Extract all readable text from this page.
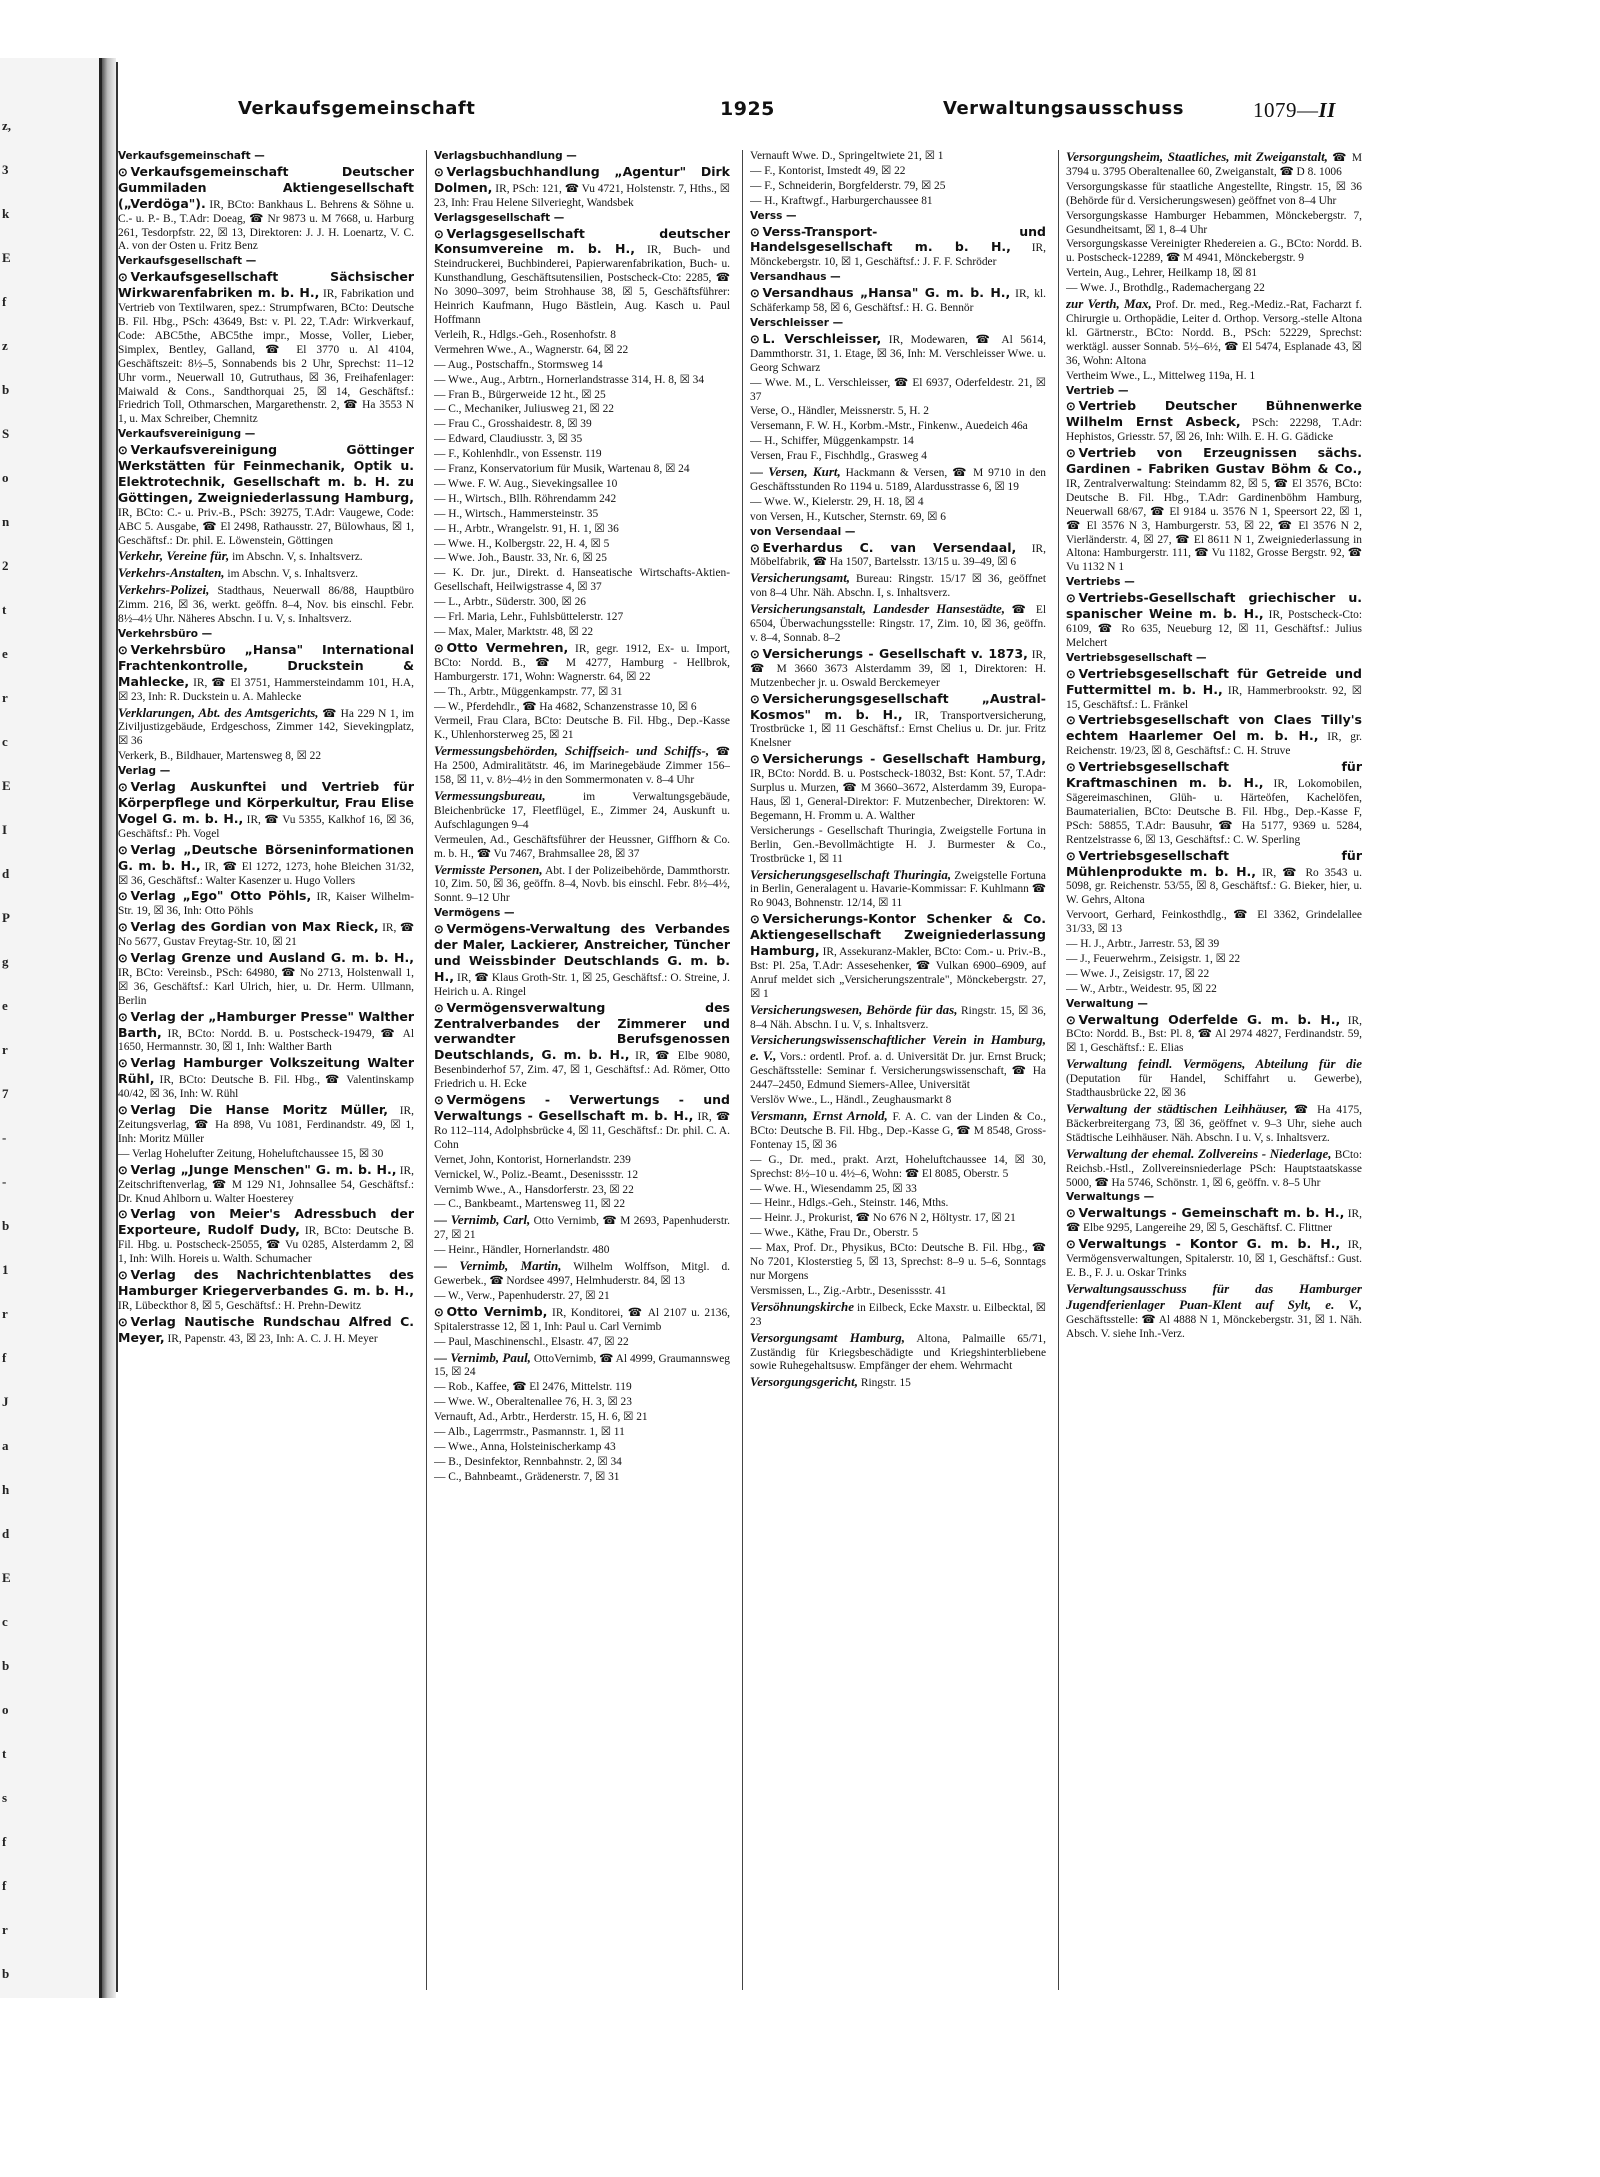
z,
3
k
E
f
z
b
S
o
n
2
t
e
r
c
E
I
d
P
g
e
r
7
-
-
b
1
r
f
J
a
h
d
E
c
b
o
t
s
f
f
r
b
Verkaufsgemeinschaft	1925	Verwaltungsausschuss	1079—II
Verkaufsgemeinschaft —
⊙ Verkaufsgemeinschaft Deutscher Gummiladen Aktiengesellschaft („Verdöga"). IR, BCto: Bankhaus L. Behrens & Söhne u. C.- u. P.- B., T.Adr: Doeag, ☎ Nr 9873 u. M 7668, u. Harburg 261, Tesdorpfstr. 22, ☒ 13, Direktoren: J. J. H. Loenartz, V. C. A. von der Osten u. Fritz Benz
Verkaufsgesellschaft —
⊙ Verkaufsgesellschaft Sächsischer Wirkwarenfabriken m. b. H., IR, Fabrikation und Vertrieb von Textilwaren, spez.: Strumpfwaren, BCto: Deutsche B. Fil. Hbg., PSch: 43649, Bst: v. Pl. 22, T.Adr: Wirkverkauf, Code: ABC5the, ABC5the impr., Mosse, Voller, Lieber, Simplex, Bentley, Galland, ☎ El 3770 u. Al 4104, Geschäftszeit: 8½–5, Sonnabends bis 2 Uhr, Sprechst: 11–12 Uhr vorm., Neuerwall 10, Gutruthaus, ☒ 36, Freihafenlager: Maiwald & Cons., Sandthorquai 25, ☒ 14, Geschäftsf.: Friedrich Toll, Othmarschen, Margarethenstr. 2, ☎ Ha 3553 N 1, u. Max Schreiber, Chemnitz
Verkaufsvereinigung —
⊙ Verkaufsvereinigung Göttinger Werkstätten für Feinmechanik, Optik u. Elektrotechnik, Gesellschaft m. b. H. zu Göttingen, Zweigniederlassung Hamburg, IR, BCto: C.- u. Priv.-B., PSch: 39275, T.Adr: Vaugewe, Code: ABC 5. Ausgabe, ☎ El 2498, Rathausstr. 27, Bülowhaus, ☒ 1, Geschäftsf.: Dr. phil. E. Löwenstein, Göttingen
Verkehr, Vereine für, im Abschn. V, s. Inhaltsverz.
Verkehrs-Anstalten, im Abschn. V, s. Inhaltsverz.
Verkehrs-Polizei, Stadthaus, Neuerwall 86/88, Hauptbüro Zimm. 216, ☒ 36, werkt. geöffn. 8–4, Nov. bis einschl. Febr. 8½–4½ Uhr. Näheres Abschn. I u. V, s. Inhaltsverz.
Verkehrsbüro —
⊙ Verkehrsbüro „Hansa" International Frachtenkontrolle, Druckstein & Mahlecke, IR, ☎ El 3751, Hammersteindamm 101, H.A, ☒ 23, Inh: R. Duckstein u. A. Mahlecke
Verklarungen, Abt. des Amtsgerichts, ☎ Ha 229 N 1, im Ziviljustizgebäude, Erdgeschoss, Zimmer 142, Sievekingplatz, ☒ 36
Verkerk, B., Bildhauer, Martensweg 8, ☒ 22
Verlag —
⊙ Verlag Auskunftei und Vertrieb für Körperpflege und Körperkultur, Frau Elise Vogel G. m. b. H., IR, ☎ Vu 5355, Kalkhof 16, ☒ 36, Geschäftsf.: Ph. Vogel
⊙ Verlag „Deutsche Börseninformationen G. m. b. H., IR, ☎ El 1272, 1273, hohe Bleichen 31/32, ☒ 36, Geschäftsf.: Walter Kasenzer u. Hugo Vollers
⊙ Verlag „Ego" Otto Pöhls, IR, Kaiser Wilhelm-Str. 19, ☒ 36, Inh: Otto Pöhls
⊙ Verlag des Gordian von Max Rieck, IR, ☎ No 5677, Gustav Freytag-Str. 10, ☒ 21
⊙ Verlag Grenze und Ausland G. m. b. H., IR, BCto: Vereinsb., PSch: 64980, ☎ No 2713, Holstenwall 1, ☒ 36, Geschäftsf.: Karl Ulrich, hier, u. Dr. Herm. Ullmann, Berlin
⊙ Verlag der „Hamburger Presse" Walther Barth, IR, BCto: Nordd. B. u. Postscheck-19479, ☎ Al 1650, Hermannstr. 30, ☒ 1, Inh: Walther Barth
⊙ Verlag Hamburger Volkszeitung Walter Rühl, IR, BCto: Deutsche B. Fil. Hbg., ☎ Valentinskamp 40/42, ☒ 36, Inh: W. Rühl
⊙ Verlag Die Hanse Moritz Müller, IR, Zeitungsverlag, ☎ Ha 898, Vu 1081, Ferdinandstr. 49, ☒ 1, Inh: Moritz Müller
— Verlag Hohelufter Zeitung, Hoheluftchaussee 15, ☒ 30
⊙ Verlag „Junge Menschen" G. m. b. H., IR, Zeitschriftenverlag, ☎ M 129 N1, Johnsallee 54, Geschäftsf.: Dr. Knud Ahlborn u. Walter Hoesterey
⊙ Verlag von Meier's Adressbuch der Exporteure, Rudolf Dudy, IR, BCto: Deutsche B. Fil. Hbg. u. Postscheck-25055, ☎ Vu 0285, Alsterdamm 2, ☒ 1, Inh: Wilh. Horeis u. Walth. Schumacher
⊙ Verlag des Nachrichtenblattes des Hamburger Kriegerverbandes G. m. b. H., IR, Lübeckthor 8, ☒ 5, Geschäftsf.: H. Prehn-Dewitz
⊙ Verlag Nautische Rundschau Alfred C. Meyer, IR, Papenstr. 43, ☒ 23, Inh: A. C. J. H. Meyer
Verlagsbuchhandlung —
⊙ Verlagsbuchhandlung „Agentur" Dirk Dolmen, IR, PSch: 121, ☎ Vu 4721, Holstenstr. 7, Hths., ☒ 23, Inh: Frau Helene Silverieght, Wandsbek
Verlagsgesellschaft —
⊙ Verlagsgesellschaft deutscher Konsumvereine m. b. H., IR, Buch- und Steindruckerei, Buchbinderei, Papierwarenfabrikation, Buch- u. Kunsthandlung, Geschäftsutensilien, Postscheck-Cto: 2285, ☎ No 3090–3097, beim Strohhause 38, ☒ 5, Geschäftsführer: Heinrich Kaufmann, Hugo Bästlein, Aug. Kasch u. Paul Hoffmann
Verleih, R., Hdlgs.-Geh., Rosenhofstr. 8
Vermehren Wwe., A., Wagnerstr. 64, ☒ 22
— Aug., Postschaffn., Stormsweg 14
— Wwe., Aug., Arbtrn., Hornerlandstrasse 314, H. 8, ☒ 34
— Fran B., Bürgerweide 12 ht., ☒ 25
— C., Mechaniker, Juliusweg 21, ☒ 22
— Frau C., Grosshaidestr. 8, ☒ 39
— Edward, Claudiusstr. 3, ☒ 35
— F., Kohlenhdlr., von Essenstr. 119
— Franz, Konservatorium für Musik, Wartenau 8, ☒ 24
— Wwe. F. W. Aug., Sievekingsallee 10
— H., Wirtsch., Bllh. Röhrendamm 242
— H., Wirtsch., Hammersteinstr. 35
— H., Arbtr., Wrangelstr. 91, H. 1, ☒ 36
— Wwe. H., Kolbergstr. 22, H. 4, ☒ 5
— Wwe. Joh., Baustr. 33, Nr. 6, ☒ 25
— K. Dr. jur., Direkt. d. Hanseatische Wirtschafts-Aktien-Gesellschaft, Heilwigstrasse 4, ☒ 37
— L., Arbtr., Süderstr. 300, ☒ 26
— Frl. Maria, Lehr., Fuhlsbüttelerstr. 127
— Max, Maler, Marktstr. 48, ☒ 22
⊙ Otto Vermehren, IR, gegr. 1912, Ex- u. Import, BCto: Nordd. B., ☎ M 4277, Hamburg - Hellbrok, Hamburgerstr. 171, Wohn: Wagnerstr. 64, ☒ 22
— Th., Arbtr., Müggenkampstr. 77, ☒ 31
— W., Pferdehdlr., ☎ Ha 4682, Schanzenstrasse 10, ☒ 6
Vermeil, Frau Clara, BCto: Deutsche B. Fil. Hbg., Dep.-Kasse K., Uhlenhorsterweg 25, ☒ 21
Vermessungsbehörden, Schiffseich- und Schiffs-, ☎ Ha 2500, Admiralitätstr. 46, im Marinegebäude Zimmer 156–158, ☒ 11, v. 8½–4½ in den Sommermonaten v. 8–4 Uhr
Vermessungsbureau, im Verwaltungsgebäude, Bleichenbrücke 17, Fleetflügel, E., Zimmer 24, Auskunft u. Aufschlagungen 9–4
Vermeulen, Ad., Geschäftsführer der Heussner, Giffhorn & Co. m. b. H., ☎ Vu 7467, Brahmsallee 28, ☒ 37
Vermisste Personen, Abt. I der Polizeibehörde, Dammthorstr. 10, Zim. 50, ☒ 36, geöffn. 8–4, Novb. bis einschl. Febr. 8½–4½, Sonnt. 9–12 Uhr
Vermögens —
⊙ Vermögens-Verwaltung des Verbandes der Maler, Lackierer, Anstreicher, Tüncher und Weissbinder Deutschlands G. m. b. H., IR, ☎ Klaus Groth-Str. 1, ☒ 25, Geschäftsf.: O. Streine, J. Heirich u. A. Ringel
⊙ Vermögensverwaltung des Zentralverbandes der Zimmerer und verwandter Berufsgenossen Deutschlands, G. m. b. H., IR, ☎ Elbe 9080, Besenbinderhof 57, Zim. 47, ☒ 1, Geschäftsf.: Ad. Römer, Otto Friedrich u. H. Ecke
⊙ Vermögens - Verwertungs - und Verwaltungs - Gesellschaft m. b. H., IR, ☎ Ro 112–114, Adolphsbrücke 4, ☒ 11, Geschäftsf.: Dr. phil. C. A. Cohn
Vernet, John, Kontorist, Hornerlandstr. 239
Vernickel, W., Poliz.-Beamt., Desenissstr. 12
Vernimb Wwe., A., Hansdorferstr. 23, ☒ 22
— C., Bankbeamt., Martensweg 11, ☒ 22
— Vernimb, Carl, Otto Vernimb, ☎ M 2693, Papenhuderstr. 27, ☒ 21
— Heinr., Händler, Hornerlandstr. 480
— Vernimb, Martin, Wilhelm Wolffson, Mitgl. d. Gewerbek., ☎ Nordsee 4997, Helmhuderstr. 84, ☒ 13
— W., Verw., Papenhuderstr. 27, ☒ 21
⊙ Otto Vernimb, IR, Konditorei, ☎ Al 2107 u. 2136, Spitalerstrasse 12, ☒ 1, Inh: Paul u. Carl Vernimb
— Paul, Maschinenschl., Elsastr. 47, ☒ 22
— Vernimb, Paul, OttoVernimb, ☎ Al 4999, Graumannsweg 15, ☒ 24
— Rob., Kaffee, ☎ El 2476, Mittelstr. 119
— Wwe. W., Oberaltenallee 76, H. 3, ☒ 23
Vernauft, Ad., Arbtr., Herderstr. 15, H. 6, ☒ 21
— Alb., Lagerrmstr., Pasmannstr. 1, ☒ 11
— Wwe., Anna, Holsteinischerkamp 43
— B., Desinfektor, Rennbahnstr. 2, ☒ 34
— C., Bahnbeamt., Grädenerstr. 7, ☒ 31
Vernauft Wwe. D., Springeltwiete 21, ☒ 1
— F., Kontorist, Imstedt 49, ☒ 22
— F., Schneiderin, Borgfelderstr. 79, ☒ 25
— H., Kraftwgf., Harburgerchaussee 81
Verss —
⊙ Verss-Transport- und Handelsgesellschaft m. b. H., IR, Mönckebergstr. 10, ☒ 1, Geschäftsf.: J. F. F. Schröder
Versandhaus —
⊙ Versandhaus „Hansa" G. m. b. H., IR, kl. Schäferkamp 58, ☒ 6, Geschäftsf.: H. G. Bennör
Verschleisser —
⊙ L. Verschleisser, IR, Modewaren, ☎ Al 5614, Dammthorstr. 31, 1. Etage, ☒ 36, Inh: M. Verschleisser Wwe. u. Georg Schwarz
— Wwe. M., L. Verschleisser, ☎ El 6937, Oderfeldestr. 21, ☒ 37
Verse, O., Händler, Meissnerstr. 5, H. 2
Versemann, F. W. H., Korbm.-Mstr., Finkenw., Auedeich 46a
— H., Schiffer, Müggenkampstr. 14
Versen, Frau F., Fischhdlg., Grasweg 4
— Versen, Kurt, Hackmann & Versen, ☎ M 9710 in den Geschäftsstunden Ro 1194 u. 5189, Alardusstrasse 6, ☒ 19
— Wwe. W., Kielerstr. 29, H. 18, ☒ 4
von Versen, H., Kutscher, Sternstr. 69, ☒ 6
von Versendaal —
⊙ Everhardus C. van Versendaal, IR, Möbelfabrik, ☎ Ha 1507, Bartelsstr. 13/15 u. 39–49, ☒ 6
Versicherungsamt, Bureau: Ringstr. 15/17 ☒ 36, geöffnet von 8–4 Uhr. Näh. Abschn. I, s. Inhaltsverz.
Versicherungsanstalt, Landesder Hansestädte, ☎ El 6504, Überwachungsstelle: Ringstr. 17, Zim. 10, ☒ 36, geöffn. v. 8–4, Sonnab. 8–2
⊙ Versicherungs - Gesellschaft v. 1873, IR, ☎ M 3660 3673 Alsterdamm 39, ☒ 1, Direktoren: H. Mutzenbecher jr. u. Oswald Berckemeyer
⊙ Versicherungsgesellschaft „Austral-Kosmos" m. b. H., IR, Transportversicherung, Trostbrücke 1, ☒ 11 Geschäftsf.: Ernst Chelius u. Dr. jur. Fritz Knelsner
⊙ Versicherungs - Gesellschaft Hamburg, IR, BCto: Nordd. B. u. Postscheck-18032, Bst: Kont. 57, T.Adr: Surplus u. Murzen, ☎ M 3660–3672, Alsterdamm 39, Europa-Haus, ☒ 1, General-Direktor: F. Mutzenbecher, Direktoren: W. Begemann, H. Fromm u. A. Walther
Versicherungs - Gesellschaft Thuringia, Zweigstelle Fortuna in Berlin, Gen.-Bevollmächtigte H. J. Burmester & Co., Trostbrücke 1, ☒ 11
Versicherungsgesellschaft Thuringia, Zweigstelle Fortuna in Berlin, Generalagent u. Havarie-Kommissar: F. Kuhlmann ☎ Ro 9043, Bohnenstr. 12/14, ☒ 11
⊙ Versicherungs-Kontor Schenker & Co. Aktiengesellschaft Zweigniederlassung Hamburg, IR, Assekuranz-Makler, BCto: Com.- u. Priv.-B., Bst: Pl. 25a, T.Adr: Assesehenker, ☎ Vulkan 6900–6909, auf Anruf meldet sich „Versicherungszentrale", Mönckebergstr. 27, ☒ 1
Versicherungswesen, Behörde für das, Ringstr. 15, ☒ 36, 8–4 Näh. Abschn. I u. V, s. Inhaltsverz.
Versicherungswissenschaftlicher Verein in Hamburg, e. V., Vors.: ordentl. Prof. a. d. Universität Dr. jur. Ernst Bruck; Geschäftsstelle: Seminar f. Versicherungswissenschaft, ☎ Ha 2447–2450, Edmund Siemers-Allee, Universität
Verslöv Wwe., L., Händl., Zeughausmarkt 8
Versmann, Ernst Arnold, F. A. C. van der Linden & Co., BCto: Deutsche B. Fil. Hbg., Dep.-Kasse G, ☎ M 8548, Gross-Fontenay 15, ☒ 36
— G., Dr. med., prakt. Arzt, Hoheluftchaussee 14, ☒ 30, Sprechst: 8½–10 u. 4½–6, Wohn: ☎ El 8085, Oberstr. 5
— Wwe. H., Wiesendamm 25, ☒ 33
— Heinr., Hdlgs.-Geh., Steinstr. 146, Mths.
— Heinr. J., Prokurist, ☎ No 676 N 2, Höltystr. 17, ☒ 21
— Wwe., Käthe, Frau Dr., Oberstr. 5
— Max, Prof. Dr., Physikus, BCto: Deutsche B. Fil. Hbg., ☎ No 7201, Klosterstieg 5, ☒ 13, Sprechst: 8–9 u. 5–6, Sonntags nur Morgens
Versmissen, L., Zig.-Arbtr., Desenissstr. 41
Versöhnungskirche in Eilbeck, Ecke Maxstr. u. Eilbecktal, ☒ 23
Versorgungsamt Hamburg, Altona, Palmaille 65/71, Zuständig für Kriegsbeschädigte und Kriegshinterbliebene sowie Ruhegehaltsusw. Empfänger der ehem. Wehrmacht
Versorgungsgericht, Ringstr. 15
Versorgungsheim, Staatliches, mit Zweiganstalt, ☎ M 3794 u. 3795 Oberaltenallee 60, Zweiganstalt, ☎ D 8. 1006
Versorgungskasse für staatliche Angestellte, Ringstr. 15, ☒ 36 (Behörde für d. Versicherungswesen) geöffnet von 8–4 Uhr
Versorgungskasse Hamburger Hebammen, Mönckebergstr. 7, Gesundheitsamt, ☒ 1, 8–4 Uhr
Versorgungskasse Vereinigter Rhedereien a. G., BCto: Nordd. B. u. Postscheck-12289, ☎ M 4941, Mönckebergstr. 9
Vertein, Aug., Lehrer, Heilkamp 18, ☒ 81
— Wwe. J., Brothdlg., Rademachergang 22
zur Verth, Max, Prof. Dr. med., Reg.-Mediz.-Rat, Facharzt f. Chirurgie u. Orthopädie, Leiter d. Orthop. Versorg.-stelle Altona kl. Gärtnerstr., BCto: Nordd. B., PSch: 52229, Sprechst: werktägl. ausser Sonnab. 5½–6½, ☎ El 5474, Esplanade 43, ☒ 36, Wohn: Altona
Vertheim Wwe., L., Mittelweg 119a, H. 1
Vertrieb —
⊙ Vertrieb Deutscher Bühnenwerke Wilhelm Ernst Asbeck, PSch: 22298, T.Adr: Hephistos, Griesstr. 57, ☒ 26, Inh: Wilh. E. H. G. Gädicke
⊙ Vertrieb von Erzeugnissen sächs. Gardinen - Fabriken Gustav Böhm & Co., IR, Zentralverwaltung: Steindamm 82, ☒ 5, ☎ El 3576, BCto: Deutsche B. Fil. Hbg., T.Adr: Gardinenböhm Hamburg, Neuerwall 68/67, ☎ El 9184 u. 3576 N 1, Speersort 22, ☒ 1, ☎ El 3576 N 3, Hamburgerstr. 53, ☒ 22, ☎ El 3576 N 2, Vierländerstr. 4, ☒ 27, ☎ El 8611 N 1, Zweigniederlassung in Altona: Hamburgerstr. 111, ☎ Vu 1182, Grosse Bergstr. 92, ☎ Vu 1132 N 1
Vertriebs —
⊙ Vertriebs-Gesellschaft griechischer u. spanischer Weine m. b. H., IR, Postscheck-Cto: 6109, ☎ Ro 635, Neueburg 12, ☒ 11, Geschäftsf.: Julius Melchert
Vertriebsgesellschaft —
⊙ Vertriebsgesellschaft für Getreide und Futtermittel m. b. H., IR, Hammerbrookstr. 92, ☒ 15, Geschäftsf.: L. Fränkel
⊙ Vertriebsgesellschaft von Claes Tilly's echtem Haarlemer Oel m. b. H., IR, gr. Reichenstr. 19/23, ☒ 8, Geschäftsf.: C. H. Struve
⊙ Vertriebsgesellschaft für Kraftmaschinen m. b. H., IR, Lokomobilen, Sägereimaschinen, Glüh- u. Härteöfen, Kachelöfen, Baumaterialien, BCto: Deutsche B. Fil. Hbg., Dep.-Kasse F, PSch: 58855, T.Adr: Bausuhr, ☎ Ha 5177, 9369 u. 5284, Rentzelstrasse 6, ☒ 13, Geschäftsf.: C. W. Sperling
⊙ Vertriebsgesellschaft für Mühlenprodukte m. b. H., IR, ☎ Ro 3543 u. 5098, gr. Reichenstr. 53/55, ☒ 8, Geschäftsf.: G. Bieker, hier, u. W. Gehrs, Altona
Vervoort, Gerhard, Feinkosthdlg., ☎ El 3362, Grindelallee 31/33, ☒ 13
— H. J., Arbtr., Jarrestr. 53, ☒ 39
— J., Feuerwehrm., Zeisigstr. 1, ☒ 22
— Wwe. J., Zeisigstr. 17, ☒ 22
— W., Arbtr., Weidestr. 95, ☒ 22
Verwaltung —
⊙ Verwaltung Oderfelde G. m. b. H., IR, BCto: Nordd. B., Bst: Pl. 8, ☎ Al 2974 4827, Ferdinandstr. 59, ☒ 1, Geschäftsf.: E. Elias
Verwaltung feindl. Vermögens, Abteilung für die (Deputation für Handel, Schiffahrt u. Gewerbe), Stadthausbrücke 22, ☒ 36
Verwaltung der städtischen Leihhäuser, ☎ Ha 4175, Bäckerbreitergang 73, ☒ 36, geöffnet v. 9–3 Uhr, siehe auch Städtische Leihhäuser. Näh. Abschn. I u. V, s. Inhaltsverz.
Verwaltung der ehemal. Zollvereins - Niederlage, BCto: Reichsb.-Hstl., Zollvereinsniederlage PSch: Hauptstaatskasse 5000, ☎ Ha 5746, Schönstr. 1, ☒ 6, geöffn. v. 8–5 Uhr
Verwaltungs —
⊙ Verwaltungs - Gemeinschaft m. b. H., IR, ☎ Elbe 9295, Langereihe 29, ☒ 5, Geschäftsf. C. Flittner
⊙ Verwaltungs - Kontor G. m. b. H., IR, Vermögensverwaltungen, Spitalerstr. 10, ☒ 1, Geschäftsf.: Gust. E. B., F. J. u. Oskar Trinks
Verwaltungsausschuss für das Hamburger Jugendferienlager Puan-Klent auf Sylt, e. V., Geschäftsstelle: ☎ Al 4888 N 1, Mönckebergstr. 31, ☒ 1. Näh. Absch. V. siehe Inh.-Verz.
